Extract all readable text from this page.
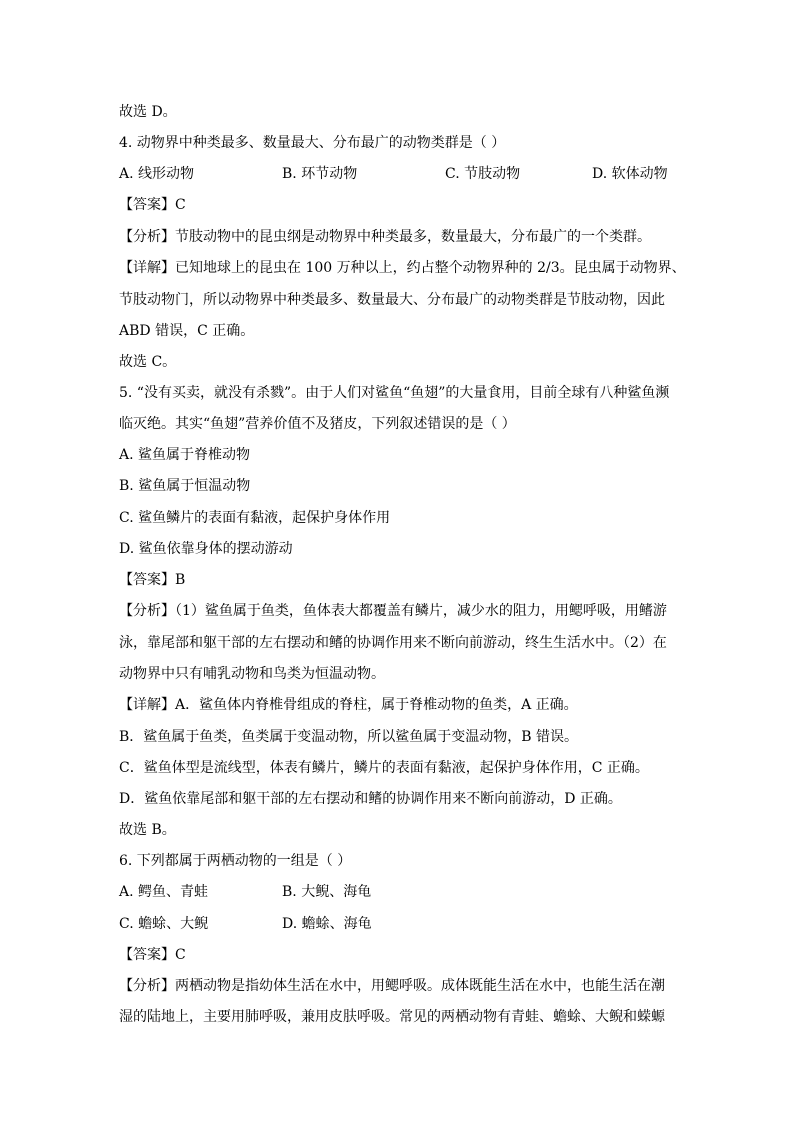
故选 D。
4. 动物界中种类最多、数量最大、分布最广的动物类群是（ ）
A. 线形动物	B. 环节动物	C. 节肢动物	D. 软体动物
【答案】C
【分析】节肢动物中的昆虫纲是动物界中种类最多，数量最大，分布最广的一个类群。
【详解】已知地球上的昆虫在 100 万种以上，约占整个动物界种的 2/3。昆虫属于动物界、
节肢动物门，所以动物界中种类最多、数量最大、分布最广的动物类群是节肢动物，因此
ABD 错误，C 正确。
故选 C。
5. “没有买卖，就没有杀戮”。由于人们对鲨鱼“鱼翅”的大量食用，目前全球有八种鲨鱼濒
临灭绝。其实“鱼翅”营养价值不及猪皮，下列叙述错误的是（ ）
A. 鲨鱼属于脊椎动物
B. 鲨鱼属于恒温动物
C. 鲨鱼鳞片的表面有黏液，起保护身体作用
D. 鲨鱼依靠身体的摆动游动
【答案】B
【分析】（1）鲨鱼属于鱼类，鱼体表大都覆盖有鳞片，减少水的阻力，用鳃呼吸，用鳍游
泳，靠尾部和躯干部的左右摆动和鳍的协调作用来不断向前游动，终生生活水中。（2）在
动物界中只有哺乳动物和鸟类为恒温动物。
【详解】A．鲨鱼体内脊椎骨组成的脊柱，属于脊椎动物的鱼类，A 正确。
B．鲨鱼属于鱼类，鱼类属于变温动物，所以鲨鱼属于变温动物，B 错误。
C．鲨鱼体型是流线型，体表有鳞片，鳞片的表面有黏液，起保护身体作用，C 正确。
D．鲨鱼依靠尾部和躯干部的左右摆动和鳍的协调作用来不断向前游动，D 正确。
故选 B。
6. 下列都属于两栖动物的一组是（ ）
A. 鳄鱼、青蛙	B. 大鲵、海龟
C. 蟾蜍、大鲵	D. 蟾蜍、海龟
【答案】C
【分析】两栖动物是指幼体生活在水中，用鳃呼吸。成体既能生活在水中，也能生活在潮
湿的陆地上，主要用肺呼吸，兼用皮肤呼吸。常见的两栖动物有青蛙、蟾蜍、大鲵和蝾螈
